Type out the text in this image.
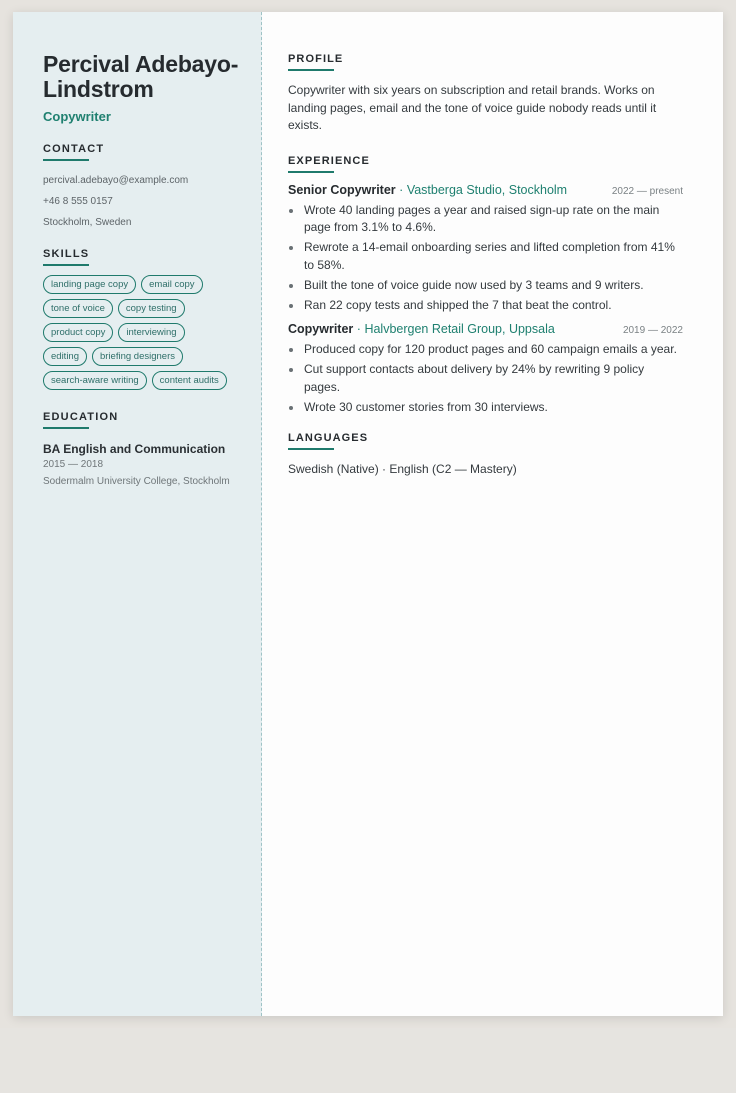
Percival Adebayo-Lindstrom
Copywriter
CONTACT
percival.adebayo@example.com
+46 8 555 0157
Stockholm, Sweden
SKILLS
landing page copy	email copy
tone of voice	copy testing
product copy	interviewing
editing	briefing designers
search-aware writing	content audits
EDUCATION
BA English and Communication
2015 — 2018
Sodermalm University College, Stockholm
PROFILE

Copywriter with six years on subscription and retail brands. Works on landing pages, email and the tone of voice guide nobody reads until it exists.

EXPERIENCE
Senior Copywriter · Vastberga Studio, Stockholm	2022 — present
Wrote 40 landing pages a year and raised sign-up rate on the main page from 3.1% to 4.6%.
Rewrote a 14-email onboarding series and lifted completion from 41% to 58%.
Built the tone of voice guide now used by 3 teams and 9 writers.
Ran 22 copy tests and shipped the 7 that beat the control.
Copywriter · Halvbergen Retail Group, Uppsala	2019 — 2022
Produced copy for 120 product pages and 60 campaign emails a year.
Cut support contacts about delivery by 24% by rewriting 9 policy pages.
Wrote 30 customer stories from 30 interviews.
LANGUAGES

Swedish (Native) · English (C2 — Mastery)
